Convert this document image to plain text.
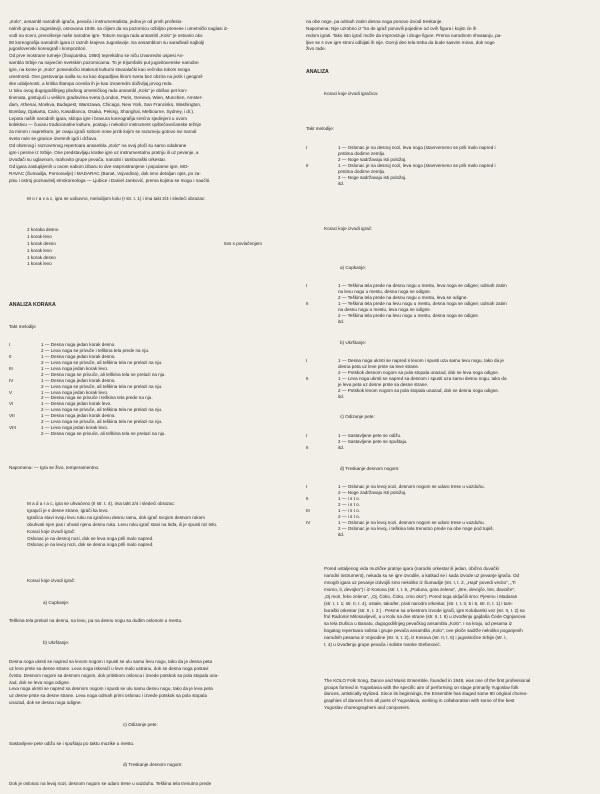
„Kolo", ansambl narodnih igrača, pevača i instrumentalista, jedna je od prvih profesio-
nalnih grupa u Jugoslaviji, osnovana 1948. sa ciljem da na pozornicu ozbiljno prenese i umetnički naglasi iz-
vođi na sceni, prenošenje naše narodne igre. Tokom svoga rada ansambl „Kolo" je ostvario oko
80 koreografija narodnih igara iz raznih krajeva Jugoslavije. Sa ansamblom su sarađivali najbolji
jugoslovenski koreografi i kompozitori.
Od prve inostrane turneje (Švajcarska, 1950) teprekidno se niču izvanredni uspesi An-
sambla Srbije na najvećim svetskim pozornicama. To je trijumfalni put jugoslovenske narodne
igre, na kome je „Kolo" posvedočio istaknuti kulturni stvaralački kao večnika tokom svoga
umetnosti. Ove gostovanja nailla su na kao dopadljiva širom sveta bez obzira na jezik i geograf-
ske udaljenosti, a kritika štampa ocenila ih je kao izvanredni doživljaj prvog reda.
U toku ovog dugogodišnjeg plodnog umetničkog rada ansambl „Kolo" je obišao pet kon-
tinenata, gostujući u velikim gradovima sveta (London, Paris, Geneva, Wien, Munchen, Amster-
dam, Athenai, Moskva, Budapest, Warszawa, Chicago, New York, San Francisko, Washington,
Bombay, Djakarta, Cairo, Kasablanca, Osaka, Peking, Shanghai, Melbourne, Sydney, i dr.).
Lepota naših narodnih igara, sklopa igre i bravura koreografija srećno sjedinjeni u ovom
kolektivu — čuvaru tradicionalne kulture, postaju i nekolicir instrument opštečovečanske težnje
za mirom i napretkom, jer ovaju igrači sobom nose jezik kojim se razumeju gotovo svi narodi
sveta nule se granice izvesnih igdi i država.
Od obimnog i raznovrsnog repertoara ansambla „Kolo" na ovoj ploči su samo odabrane
igre i pesme iz Srbije. One predstavljaju kratke igre uz instrumentalnu pratnju ili uz pevanje, a
izvođači su uglavnom, mahovito grupe pevača, narodni i tamburaški orkestar.
Od igara zastupljenih u ovom nabom izbaru to dve rasprostranjene i popularne igre, MO-
RAVAC (Šumadija, Pomoravlje) i MADARAC (Banat, Vojvodina), dok smo detaljan opis, po za-
pisu i ostroj poznavitelj etnokoreologa — Ljubice i Daniel Janković, prema kojima se mogu i naučiti.

M o r a v a c, igra se uobuvno, melodijom kolu (I str. t. 1) i ima takt 2/4 i sledeći obrazac:

2 korakа desno
1 korak levo
1 korak desno
1 korak levo
1 korak desno
1 korak levo

Svs s povlačenjem

ANALIZA KORAKA

Takt melodije

I	1 — Desna noga jedan korak desno.
2 — Leva noga se privuče i teškina tela prede na nju.
II	1 — Desna noga jedan korak desno.
2 — Leva noga se privuče, ali teškina tela ne prelazi na nju.
III	1 — Leva noga jedan korak levo.
2 — Desna noga se privuče, ali teškina tela ne prelazi na nju.
IV	1 — Desna noga jedan korak desno.
2 — Leva noga se privuče, ali teškina tela ne prelazi na nju.
V	1 — Leva noga jedan korak levo.
2 — Desna noga se privuče i teškina tela prede na nju.
VI	1 — Desna noga jedan korak levo.
2 — Leva noga se privuče, ali teškina tela ne prelazi na nju.
VII	1 — Desna noga jedan korak desno.
2 — Leva noga se privuče, ali teškina tela ne prelazi na nju.
VIII	1 — Leva noga jedan korak levo.
2 — Desna noga se privuče, ali teškina tela ne prelazi na nju.

Napomena: — Igra se živo, temperamentno.

M a d a r a c, igra se uhvaćeno (II str. t. 4), ima takt 2/4 i sledeći obrazac:
Igrajući je s desne strane, igrači ka levo.
Igračica stavi svoju levu ruku na igračevu desnu ramu, dok igrač svojom desnom rukom
obuhvati njen pas i uhvati njenu desnu ruku. Levu ruku igrač stavi na leđa, ili je spusti niz telo.
Koraci koje izvodi igrač:
Oslonac je na desnoj nozi, dok se leva noga prili malo napred.
Oslonac je na levoj nozi, dok se desna noga prili malo napred.

Koraci koje izvodi igrač:

a) Cupkanje:

Teškina tela prelazi na desnu, na levu, pa na desnu nogu sa duđim oslonom u mestu.

b) Ukrštanje:

Desna noga ukrsti se napred sa levom nogom i spusti se ulu samu levu nogu, tako da je desna peta
uz levo prste sa desne strane. Leva noga iskorači u levo malo ustranu, dok se desna noga postavi
čvrsto. Desnom nogom sa desnom nogom, dok pritiskom oslonca i izvede potskok sa pola stopala una-
zad, dok se leva noga odigne.
Leva noga ukrsti se napred sa desnom nogom i spusti se ulu samu desnu nogu, tako da je leva peta
uz desne prste sa desne strane. Leva noga odmah primi oslonac i izvede potskok sa pola stopala
unazad, dok se desna noga odigne.

c) Odizanje pete:

Sastavljene pete odižu se i spuštaju po taktu muzike u mestu.

d) Treskanje desnom nogom:

Dok je oslonac na levoj nozi, desnom nogom se udaro trese u vazduhu. Teškina tela trenutno prede

na obe noge, pa odmah zatim desna noga ponovo izvodi treskanje.
Napomena: Nije uzrobno iz "ko de igraž ponovili pojedine od ovih figura i kojim će ih
redom igrati. Tako isto igrač može da improvizuje i druge figure. Prema narodnom shvatanju, pa-
ljive se s ove igre stroni odbijati ih nije. Gornji deo tela treba da bude sasvim miran, dok nogе
živo rade.

ANALIZA

Koraci koje izvodi igračica:

Takt melodije:

I	1 — Oslonac je na desnoj nozi, leva noga (stavrvemeno se prili malo napred i
prstima dodirne zemlju.
2 — Noge sadržavaju isti položaj.
II	1 — Oslonac je na desnoj nozi, leva noga (stavrvemeno se prili malo napred i
prstima dodirne zemlju.
2 — Noge sadržavaju isti položaj.
itd.

Koraci koje izvodi igrač:

a) Cupkanje:

I	1 — Teškina tela prede na desnu nogu u mestu, leva noga se odigne; odmah zatim
na levu nogu u mestu, desna noga se odigne.
2 — Teškina tela prede na desnu nogu u mestu, leva se odigne.
II	1 — Teškina tela prede na levu nogu u mestu, desna noga se odigne; odmah zatim
na desnu nogu u mestu, leva noga se odigne.
2 — Teškina tela prede na levu nogu u mestu, desna noga se odigne.
itd.

b) Ukrštanje:

I	1 — Desna noga ukrsti se napred s levom i spusti uza samu levu nogu, tako da je
desna peta uz leve prste sa leve strane.
2 — Potskok desnom nogom sa pola stopala unazad, dok se leva noga odigne.
II	1 — Leva noga ukrsti se napred sa desnom i spusti uza samu desnu nogu, tako da
je leva peta uz desne prste sa desne strane.
2 — Potskok levom nogom sa pola stopala unazad, dok se desna noga odigne.
itd.

c) Odizanje pete:

I	1 — Sastavljene pete se odižu.
2 — Sastavljene pete se spuštaju.
II	itd.

d) Treskanje desnom nogom:

I	1 — Oslonac je na levoj nozi, desnom nogom se udaro trese u vazduhu.
2 — Noge zadržavaju isti položaj.
II	1 — i s t o.
2 — i s t o.
III	1 — i s t o.
2 — i s t o.
IV	1 — Oslonac je na levoj nozi, desnom nogom se udaro trese u vazduhu.
2 — Oslonac je na levoj, i teškina tela trenutno prede na obe nogе pod tupiš.
itd.

Pored ustaljenog vida muzičke pratnje igara (narodni orkestar ili jedan, obično duvački
narodni instrument), nekada su se igre izvodile, a katkad se i sada izvode uz pevanje igrača. Od
mnogih igara uz pevanje izdvojili smo nekoliko iz Šumadije (str. I, t. 2, „Hajd' povedi vecito", „Ti
momo, ti, devojko") i iz Kosova (str. I, t. 5, „Poduna, gora zelena", „Bre, devojče, bre, đavolče",
„Oj mori, feko zelena", „Oj, Čoko, Čoko, crno oko"). Pored toga uključili smo: Pjesmu i Madaran
(str. I, t. 1; str. II, t. 4), ostale, također, prati narodni orkestar, (str. I, t. 3, 5 i 6, str. II, t. 1) i tam-
buraški orkestar (str. II, t. 3 ) . Pesme sa orkestrom izvode igrači, igre Kolubarski vez (str. II, t. 2) sa
frul Radomir Milosavljević, a u Kolu na dve strane (str. II, t. 6) u izvođenju gajdaša Čede Ognjanova
sa tela Dušica u Banatu, dugogodišnjeg pevačkog ansambla „Kolo". I na kraju, od pesama iz
bogatog repertoara solista i grupe pevača ansambla „Kolo", ove ploče sadrže nekoliko poganjenih
narodnih pesama iz Vojvodine (str. II, t. 2), iz Kosova (str. II, t. 5) i jugoistočne Srbije (str. I,
t. 4) u izvođenju grupe pevača i soliste Ivanke Stefanović.

The KOLO Folk Song, Dance and Music Ensemble, founded in 1948, was one of the first professional
groups formed in Yugoslavia with the specific aim of performing on stage primarily Yugoslav folk
dances, artistically stylized. Since its beginnings, the Ensemble has staged some 80 original choreo-
graphies of dances from all parts of Yugoslavia, working in collaboration with some of the best
Yugoslav choreographers and composers.
